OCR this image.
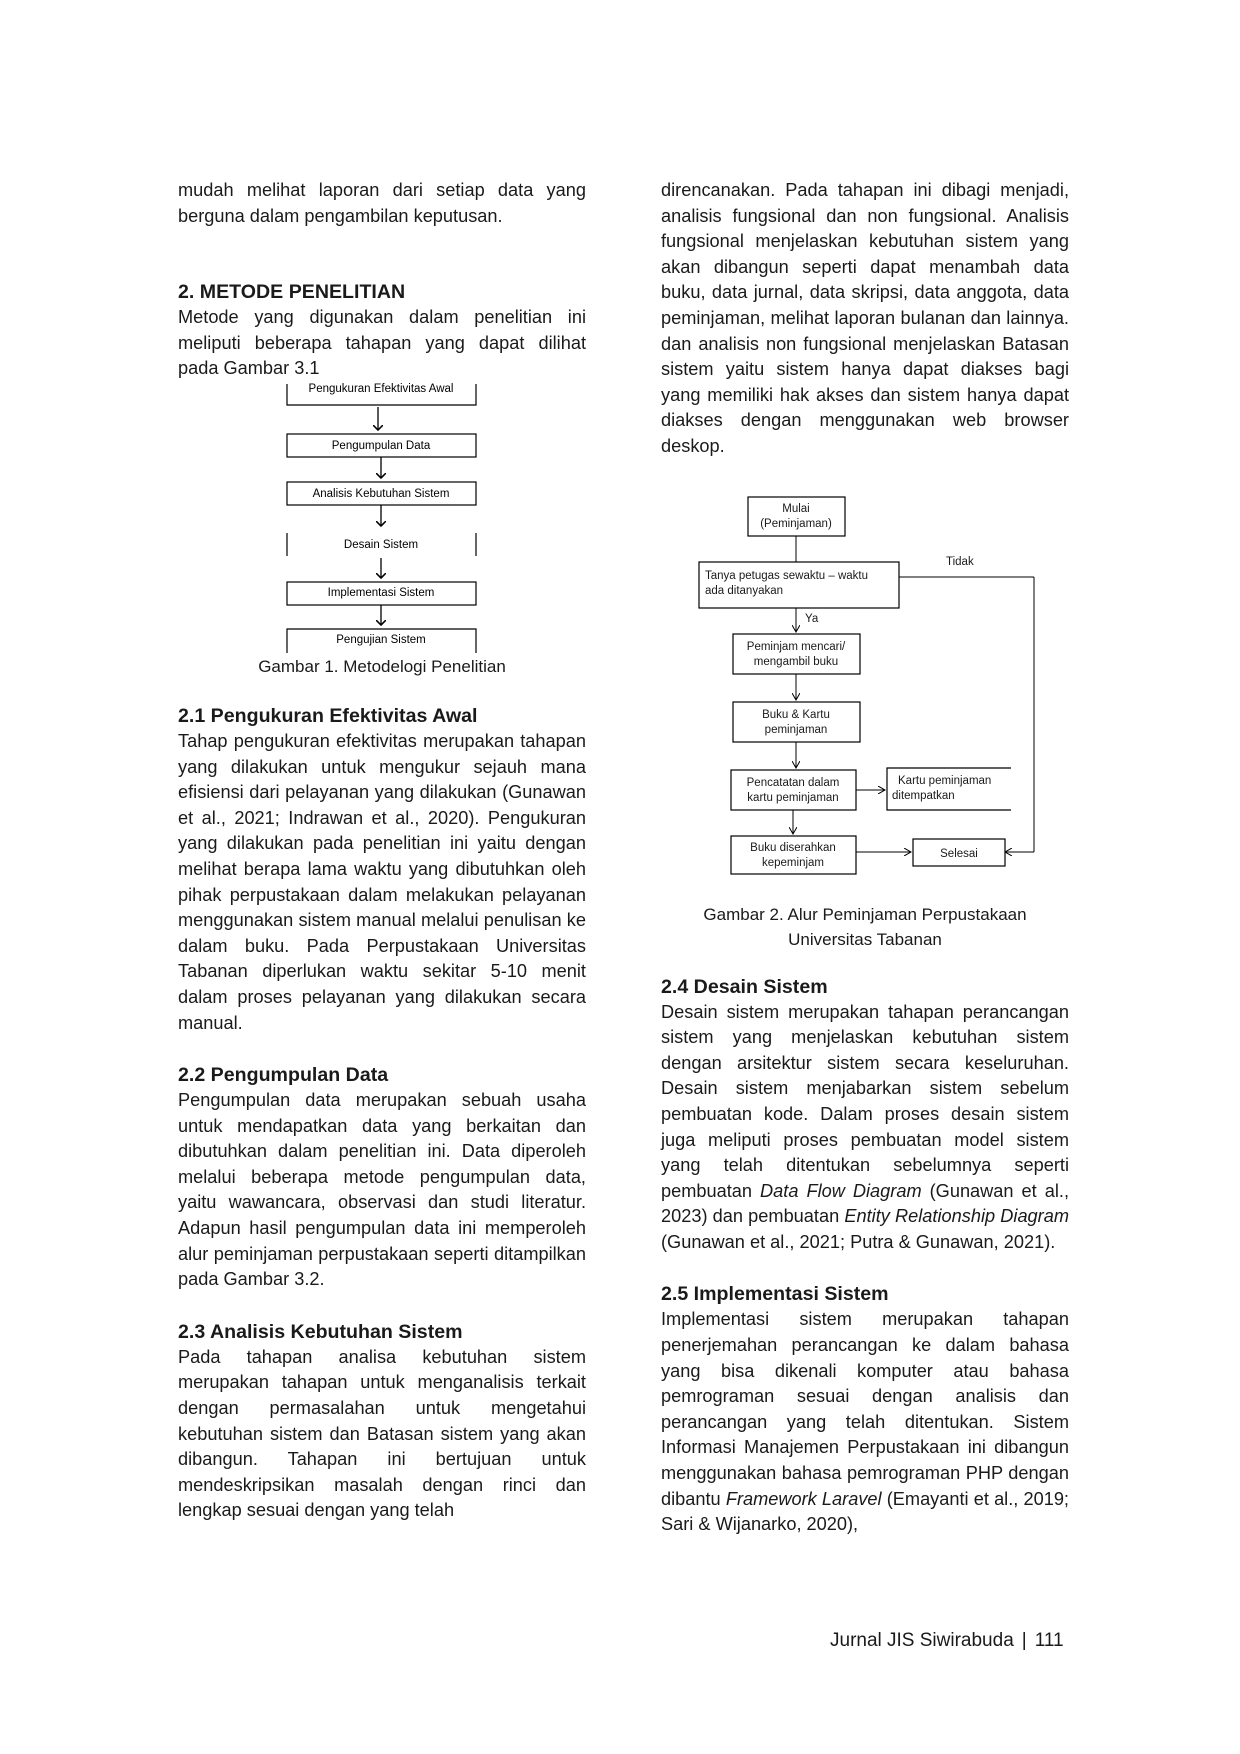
mudah melihat laporan dari setiap data yang berguna dalam pengambilan keputusan.

2. METODE PENELITIAN

Metode yang digunakan dalam penelitian ini meliputi beberapa tahapan yang dapat dilihat pada Gambar 3.1

Pengukuran Efektivitas Awal
Pengumpulan Data
Analisis Kebutuhan Sistem
Desain Sistem
Implementasi Sistem
Pengujian Sistem
Gambar 1. Metodelogi Penelitian
2.1 Pengukuran Efektivitas Awal

Tahap pengukuran efektivitas merupakan tahapan yang dilakukan untuk mengukur sejauh mana efisiensi dari pelayanan yang dilakukan (Gunawan et al., 2021; Indrawan et al., 2020). Pengukuran yang dilakukan pada penelitian ini yaitu dengan melihat berapa lama waktu yang dibutuhkan oleh pihak perpustakaan dalam melakukan pelayanan menggunakan sistem manual melalui penulisan ke dalam buku. Pada Perpustakaan Universitas Tabanan diperlukan waktu sekitar 5-10 menit dalam proses pelayanan yang dilakukan secara manual.

2.2 Pengumpulan Data

Pengumpulan data merupakan sebuah usaha untuk mendapatkan data yang berkaitan dan dibutuhkan dalam penelitian ini. Data diperoleh melalui beberapa metode pengumpulan data, yaitu wawancara, observasi dan studi literatur. Adapun hasil pengumpulan data ini memperoleh alur peminjaman perpustakaan seperti ditampilkan pada Gambar 3.2.

2.3 Analisis Kebutuhan Sistem

Pada tahapan analisa kebutuhan sistem merupakan tahapan untuk menganalisis terkait dengan permasalahan untuk mengetahui kebutuhan sistem dan Batasan sistem yang akan dibangun. Tahapan ini bertujuan untuk mendeskripsikan masalah dengan rinci dan lengkap sesuai dengan yang telah

direncanakan. Pada tahapan ini dibagi menjadi, analisis fungsional dan non fungsional. Analisis fungsional menjelaskan kebutuhan sistem yang akan dibangun seperti dapat menambah data buku, data jurnal, data skripsi, data anggota, data peminjaman, melihat laporan bulanan dan lainnya. dan analisis non fungsional menjelaskan Batasan sistem yaitu sistem hanya dapat diakses bagi yang memiliki hak akses dan sistem hanya dapat diakses dengan menggunakan web browser deskop.

Mulai
(Peminjaman)
Tanya petugas sewaktu – waktu
ada ditanyakan
Tidak
Ya
Peminjam mencari/
mengambil buku
Buku & Kartu
peminjaman
Pencatatan dalam
kartu peminjaman
Kartu peminjaman
ditempatkan
Buku diserahkan
kepeminjam
Selesai
Gambar 2. Alur Peminjaman Perpustakaan
Universitas Tabanan
2.4 Desain Sistem

Desain sistem merupakan tahapan perancangan sistem yang menjelaskan kebutuhan sistem dengan arsitektur sistem secara keseluruhan. Desain sistem menjabarkan sistem sebelum pembuatan kode. Dalam proses desain sistem juga meliputi proses pembuatan model sistem yang telah ditentukan sebelumnya seperti pembuatan Data Flow Diagram (Gunawan et al., 2023) dan pembuatan Entity Relationship Diagram (Gunawan et al., 2021; Putra & Gunawan, 2021).

2.5 Implementasi Sistem

Implementasi sistem merupakan tahapan penerjemahan perancangan ke dalam bahasa yang bisa dikenali komputer atau bahasa pemrograman sesuai dengan analisis dan perancangan yang telah ditentukan. Sistem Informasi Manajemen Perpustakaan ini dibangun menggunakan bahasa pemrograman PHP dengan dibantu Framework Laravel (Emayanti et al., 2019; Sari & Wijanarko, 2020),

Jurnal JIS Siwirabuda | 111
